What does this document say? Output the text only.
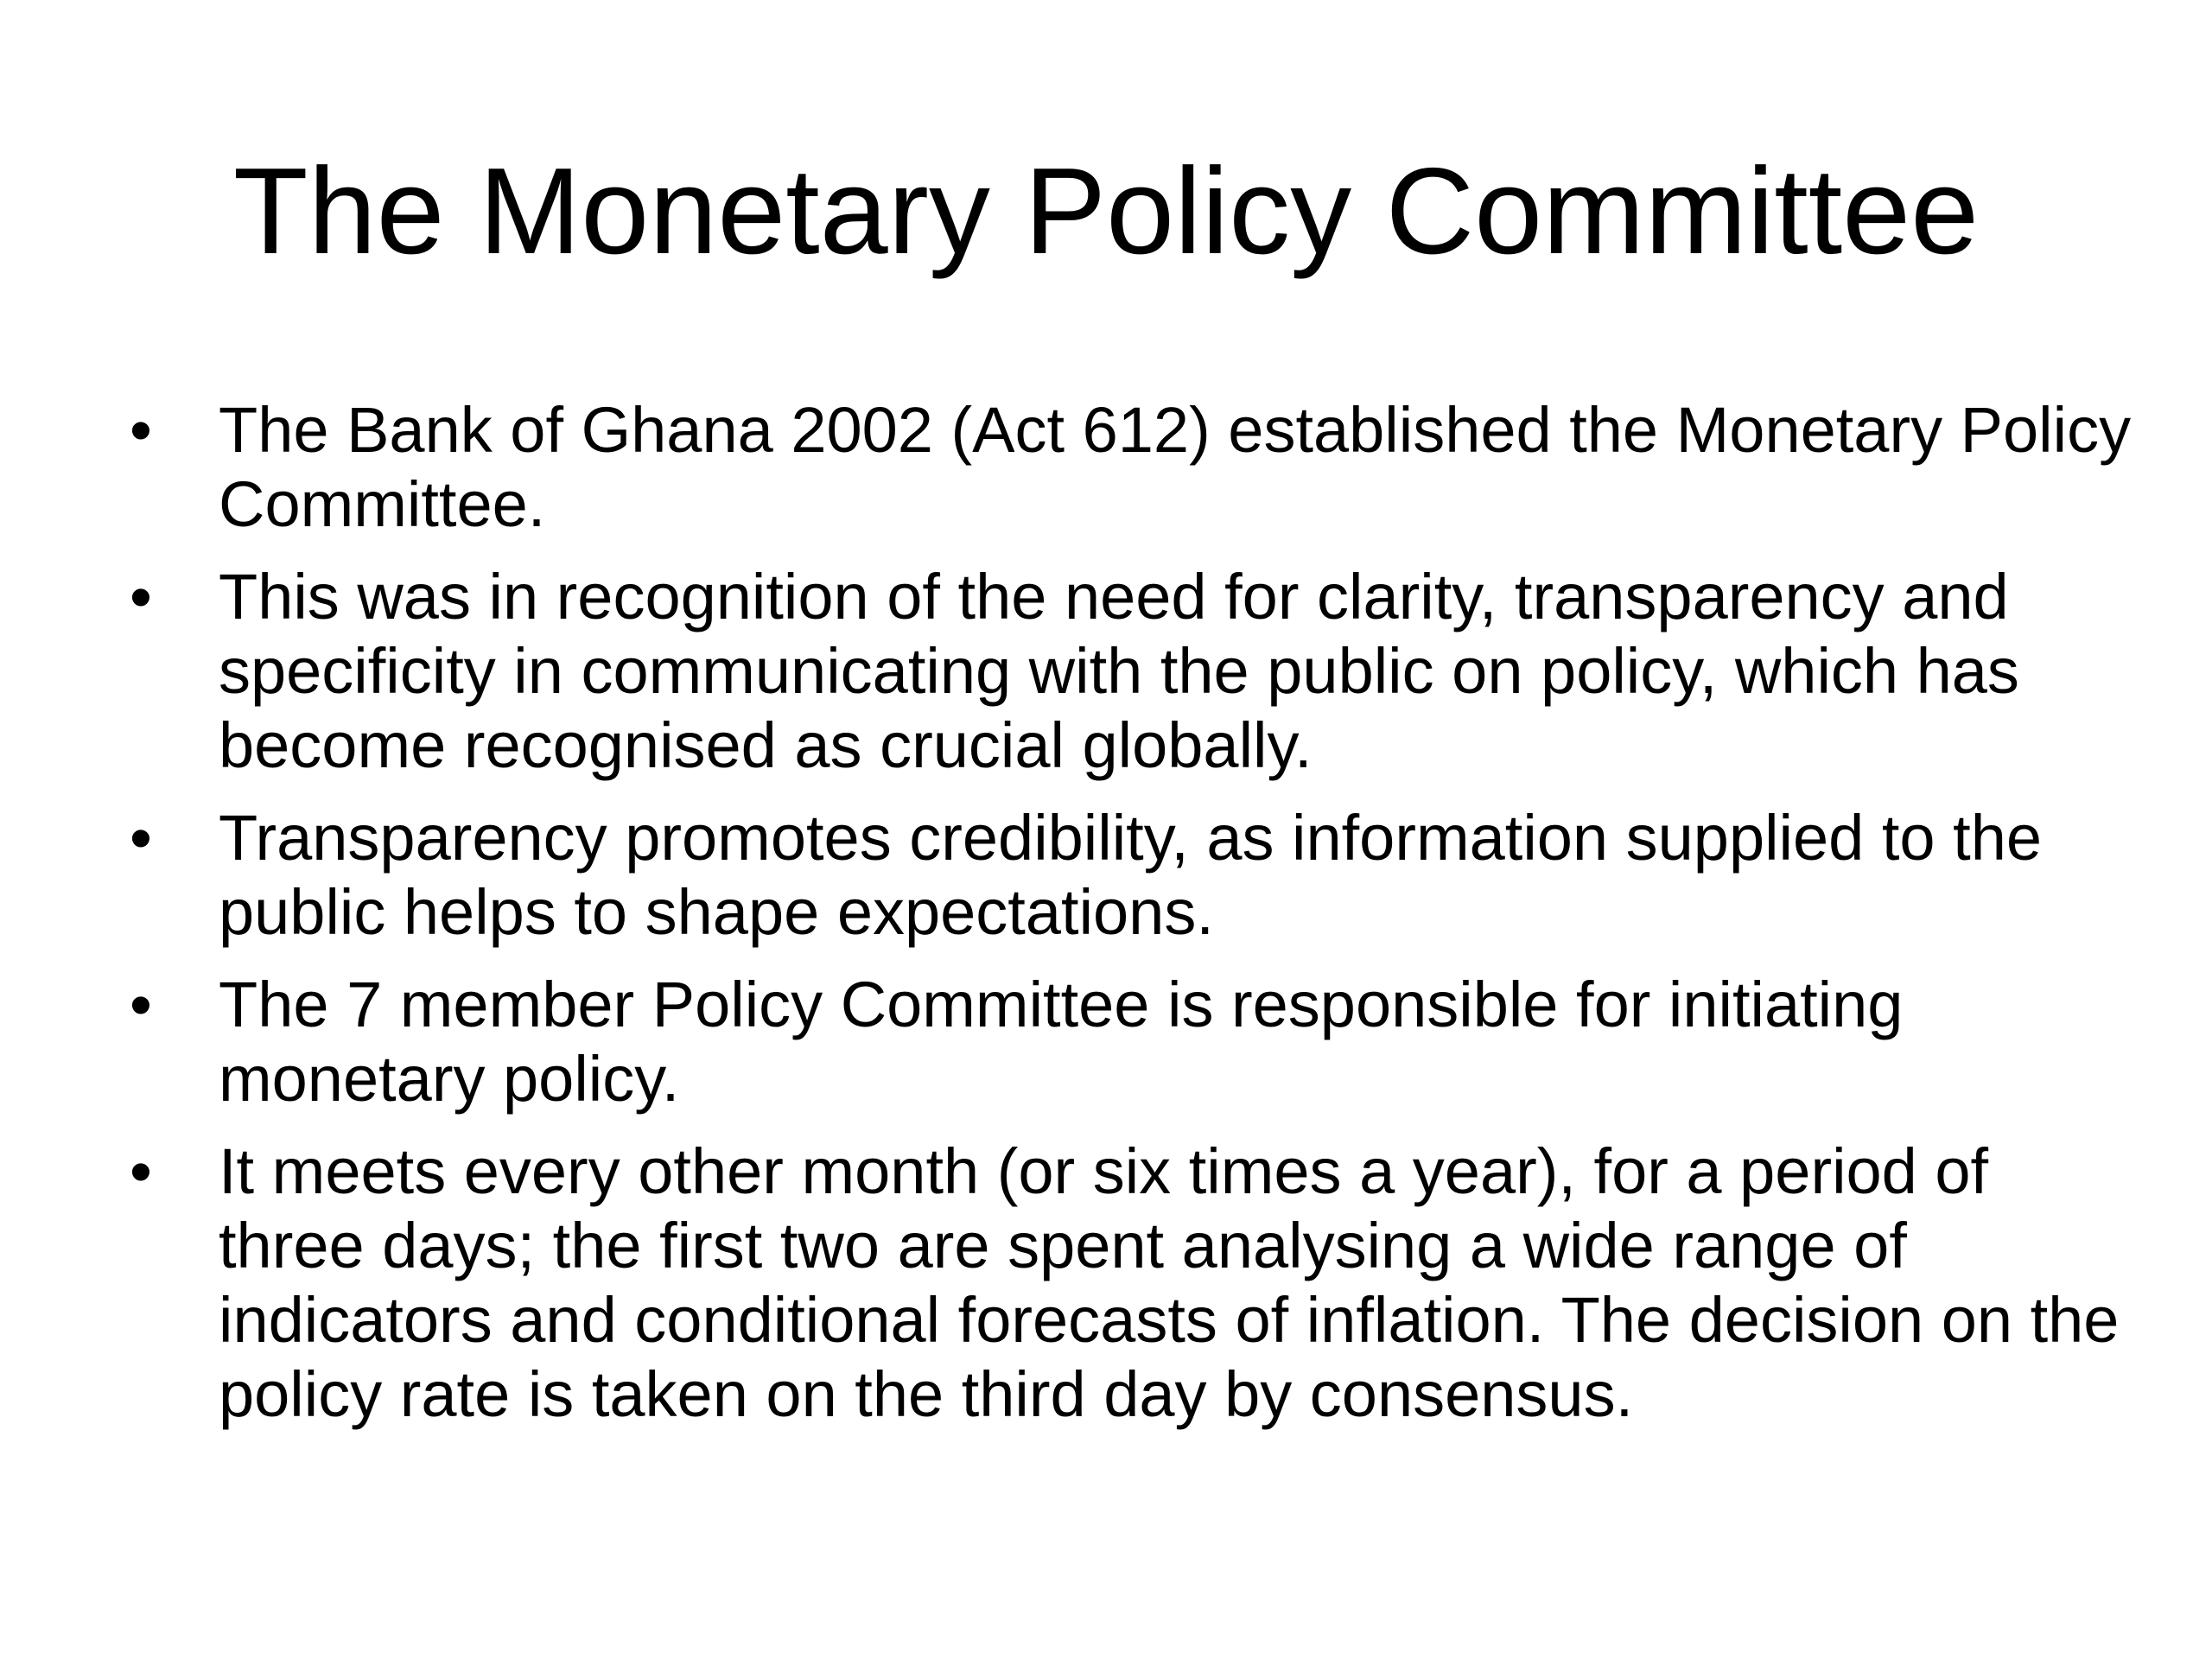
The Monetary Policy Committee
•	The Bank of Ghana 2002 (Act 612) established the Monetary Policy Committee.
•	This was in recognition of the need for clarity, transparency and specificity in communicating with the public on policy, which has become recognised as crucial globally.
•	Transparency promotes credibility, as information supplied to the public helps to shape expectations.
•	The 7 member Policy Committee is responsible for initiating monetary policy.
•	It meets every other month (or six times a year), for a period of three days; the first two are spent analysing a wide range of indicators and conditional forecasts of inflation. The decision on the policy rate is taken on the third day by consensus.
